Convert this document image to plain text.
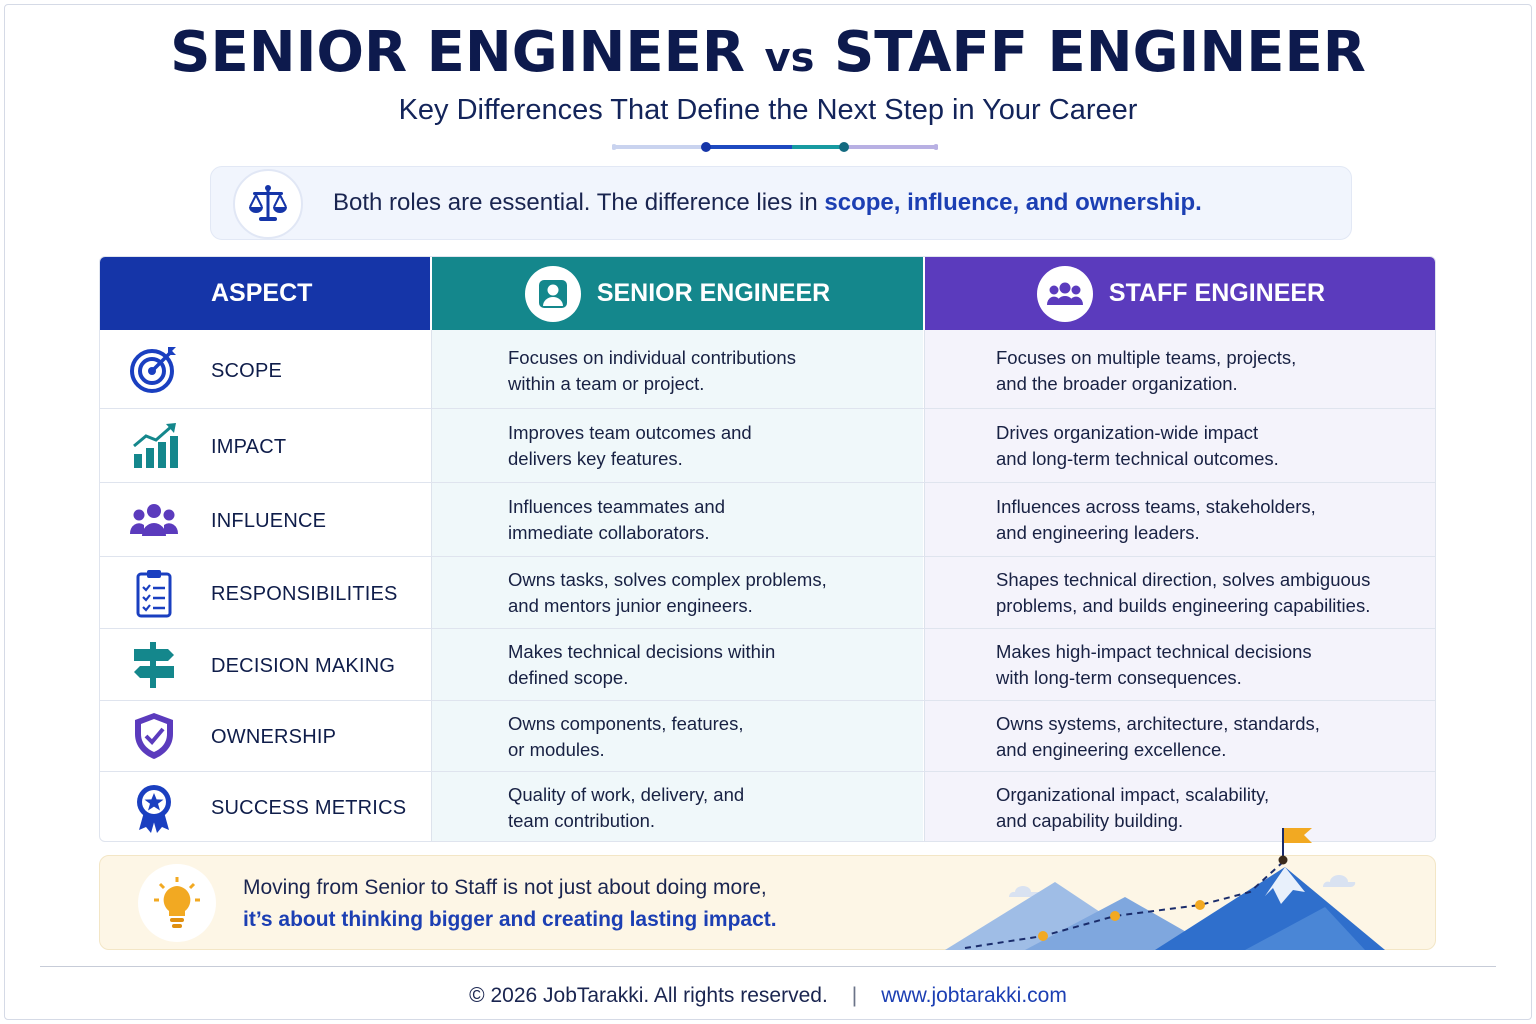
SENIOR ENGINEER vs STAFF ENGINEER
Key Differences That Define the Next Step in Your Career
Both roles are essential. The difference lies in scope, influence, and ownership.
ASPECT	SENIOR ENGINEER	STAFF ENGINEER
SCOPE
Focuses on individual contributions
within a team or project.
Focuses on multiple teams, projects,
and the broader organization.
IMPACT
Improves team outcomes and
delivers key features.
Drives organization-wide impact
and long-term technical outcomes.
INFLUENCE
Influences teammates and
immediate collaborators.
Influences across teams, stakeholders,
and engineering leaders.
RESPONSIBILITIES
Owns tasks, solves complex problems,
and mentors junior engineers.
Shapes technical direction, solves ambiguous
problems, and builds engineering capabilities.
DECISION MAKING
Makes technical decisions within
defined scope.
Makes high-impact technical decisions
with long-term consequences.
OWNERSHIP
Owns components, features,
or modules.
Owns systems, architecture, standards,
and engineering excellence.
SUCCESS METRICS
Quality of work, delivery, and
team contribution.
Organizational impact, scalability,
and capability building.
Moving from Senior to Staff is not just about doing more,
it’s about thinking bigger and creating lasting impact.
© 2026 JobTarakki. All rights reserved. | www.jobtarakki.com
